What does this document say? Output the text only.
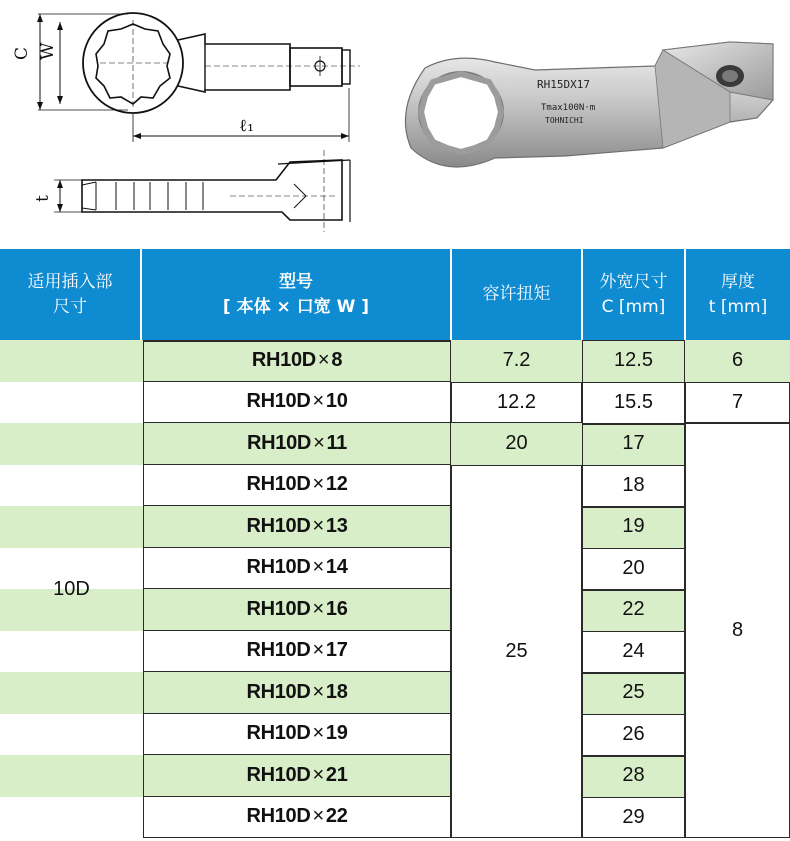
C W
ℓ₁
t
RH15DX17
Tmax100N·m
TOHNICHI
适用插入部
尺寸
型号
[ 本体 × 口宽 W ]
容许扭矩
外宽尺寸
C [mm]
厚度
t [mm]
RH10D × 8
RH10D × 10
RH10D × 11
RH10D × 12
RH10D × 13
RH10D × 14
RH10D × 16
RH10D × 17
RH10D × 18
RH10D × 19
RH10D × 21
RH10D × 22
12.5
15.5
17
18
19
20
22
24
25
26
28
29
7.2
12.2
20
25
6
7
8
10D
